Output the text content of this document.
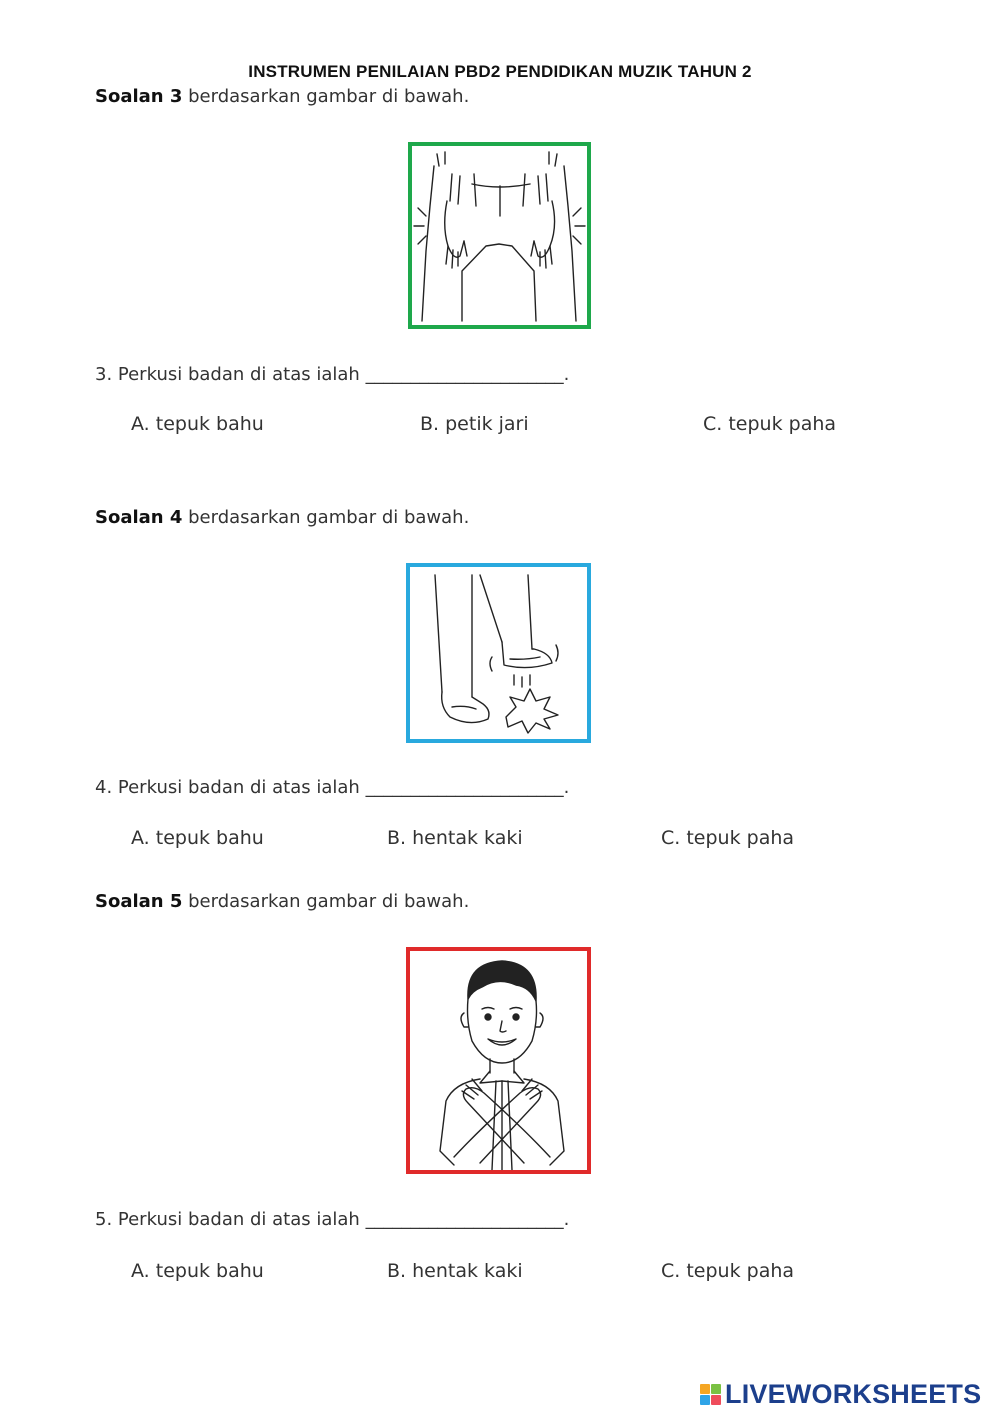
INSTRUMEN PENILAIAN PBD2 PENDIDIKAN MUZIK TAHUN 2
Soalan 3 berdasarkan gambar di bawah.
3. Perkusi badan di atas ialah ______________________.
A. tepuk bahu	B. petik jari	C. tepuk paha
Soalan 4 berdasarkan gambar di bawah.
4. Perkusi badan di atas ialah ______________________.
A. tepuk bahu	B. hentak kaki	C. tepuk paha
Soalan 5 berdasarkan gambar di bawah.
5. Perkusi badan di atas ialah ______________________.
A. tepuk bahu	B. hentak kaki	C. tepuk paha
LIVEWORKSHEETS
